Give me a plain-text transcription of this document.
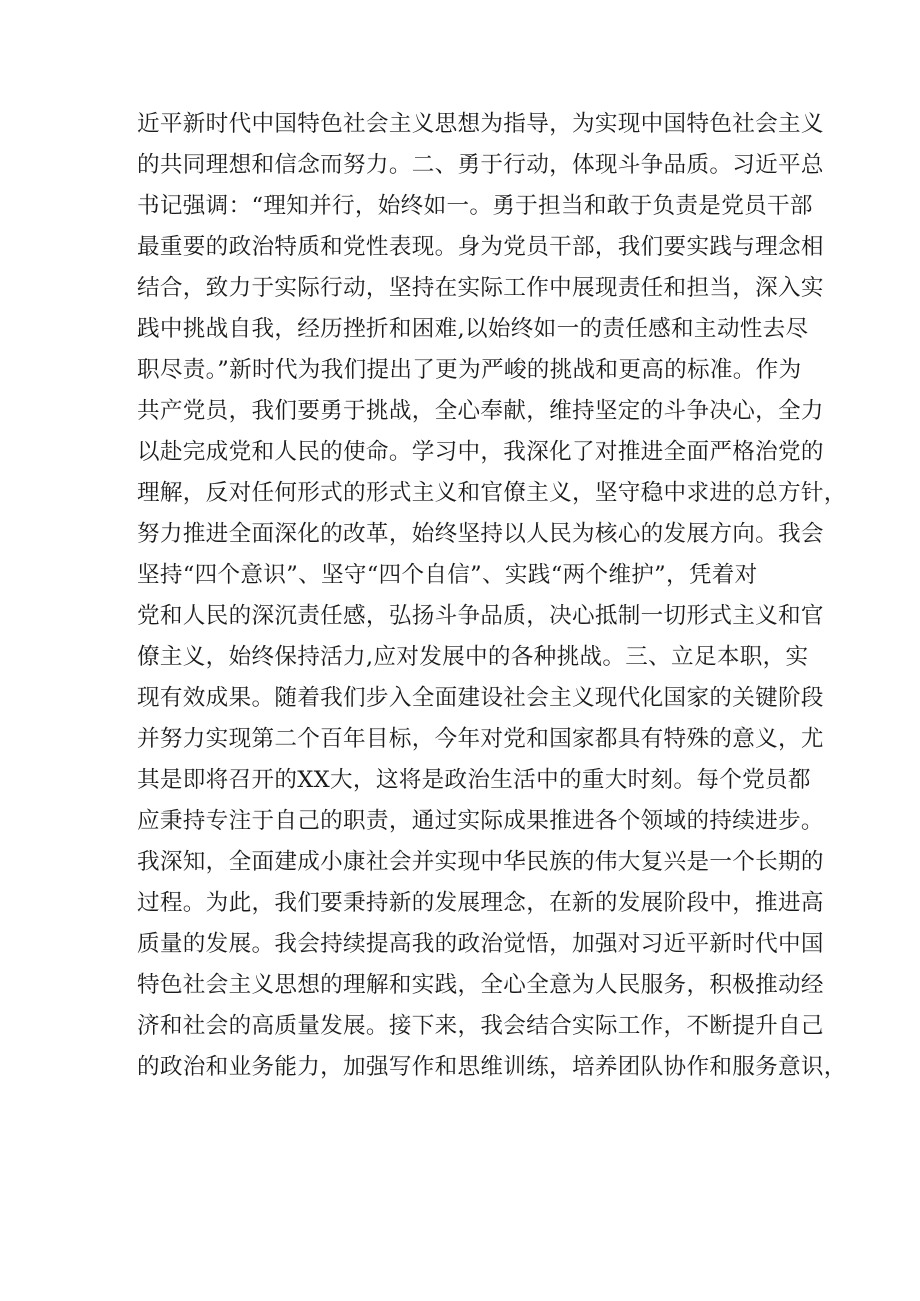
近平新时代中国特色社会主义思想为指导，为实现中国特色社会主义
的共同理想和信念而努力。二、勇于行动，体现斗争品质。习近平总
书记强调：“理知并行，始终如一。勇于担当和敢于负责是党员干部
最重要的政治特质和党性表现。身为党员干部，我们要实践与理念相
结合，致力于实际行动，坚持在实际工作中展现责任和担当，深入实
践中挑战自我，经历挫折和困难,以始终如一的责任感和主动性去尽
职尽责。”新时代为我们提出了更为严峻的挑战和更高的标准。作为
共产党员，我们要勇于挑战，全心奉献，维持坚定的斗争决心，全力
以赴完成党和人民的使命。学习中，我深化了对推进全面严格治党的
理解，反对任何形式的形式主义和官僚主义，坚守稳中求进的总方针，
努力推进全面深化的改革，始终坚持以人民为核心的发展方向。我会
坚持“四个意识”、坚守“四个自信”、实践“两个维护”，凭着对
党和人民的深沉责任感，弘扬斗争品质，决心抵制一切形式主义和官
僚主义，始终保持活力,应对发展中的各种挑战。三、立足本职，实
现有效成果。随着我们步入全面建设社会主义现代化国家的关键阶段
并努力实现第二个百年目标，今年对党和国家都具有特殊的意义，尤
其是即将召开的XX大，这将是政治生活中的重大时刻。每个党员都
应秉持专注于自己的职责，通过实际成果推进各个领域的持续进步。
我深知，全面建成小康社会并实现中华民族的伟大复兴是一个长期的
过程。为此，我们要秉持新的发展理念，在新的发展阶段中，推进高
质量的发展。我会持续提高我的政治觉悟，加强对习近平新时代中国
特色社会主义思想的理解和实践，全心全意为人民服务，积极推动经
济和社会的高质量发展。接下来，我会结合实际工作，不断提升自己
的政治和业务能力，加强写作和思维训练，培养团队协作和服务意识，
